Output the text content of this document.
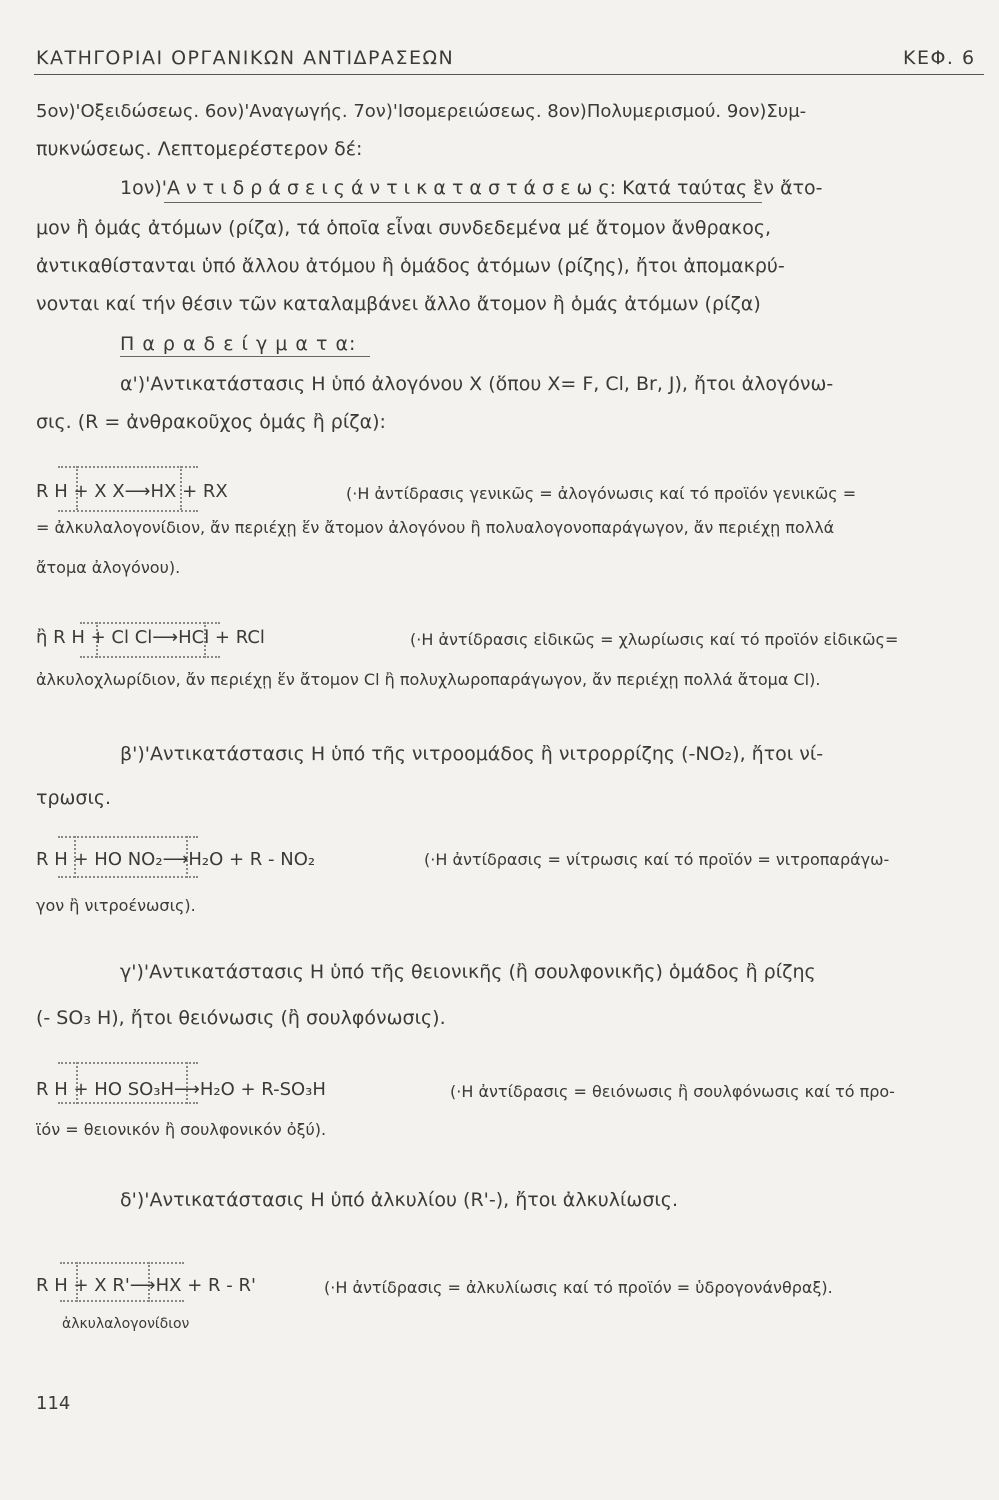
ΚΑΤΗΓΟΡΙΑΙ ΟΡΓΑΝΙΚΩΝ ΑΝΤΙΔΡΑΣΕΩΝ	ΚΕΦ. 6
5ον)'Οξειδώσεως. 6ον)'Αναγωγής. 7ον)'Ισομερειώσεως. 8ον)Πολυμερισμού. 9ον)Συμ-
πυκνώσεως. Λεπτομερέστερον δέ:
1ον)'Α ν τ ι δ ρ ά σ ε ι ς ά ν τ ι κ α τ α σ τ ά σ ε ω ς: Κατά ταύτας ἓν ἄτο-
μον ἢ ὁμάς ἀτόμων (ρίζα), τά ὁποῖα εἶναι συνδεδεμένα μέ ἄτομον ἄνθρακος,
ἀντικαθίστανται ὑπό ἄλλου ἀτόμου ἢ ὁμάδος ἀτόμων (ρίζης), ἤτοι ἀπομακρύ-
νονται καί τήν θέσιν τῶν καταλαμβάνει ἄλλο ἄτομον ἢ ὁμάς ἀτόμων (ρίζα)
Π α ρ α δ ε ί γ μ α τ α:
α')'Αντικατάστασις Η ὑπό ἀλογόνου Χ (ὅπου Χ= F, Cl, Br, J), ἤτοι ἀλογόνω-
σις. (R = ἀνθρακοῦχος ὁμάς ἢ ρίζα):
R H + X X⟶HX + RX	(·Η ἀντίδρασις γενικῶς = ἀλογόνωσις καί τό προϊόν γενικῶς =
= ἀλκυλαλογονίδιον, ἄν περιέχῃ ἕν ἄτομον ἀλογόνου ἢ πολυαλογονοπαράγωγον, ἄν περιέχῃ πολλά
ἄτομα ἀλογόνου).
ἢ R H + Cl Cl⟶HCl + RCl	(·Η ἀντίδρασις εἰδικῶς = χλωρίωσις καί τό προϊόν εἰδικῶς=
ἀλκυλοχλωρίδιον, ἄν περιέχῃ ἕν ἄτομον Cl ἢ πολυχλωροπαράγωγον, ἄν περιέχῃ πολλά ἄτομα Cl).
β')'Αντικατάστασις Η ὑπό τῆς νιτροομάδος ἢ νιτρορρίζης (-NO₂), ἤτοι νί-
τρωσις.
R H + HO NO₂⟶H₂O + R - NO₂	(·Η ἀντίδρασις = νίτρωσις καί τό προϊόν = νιτροπαράγω-
γον ἢ νιτροένωσις).
γ')'Αντικατάστασις Η ὑπό τῆς θειονικῆς (ἢ σουλφονικῆς) ὁμάδος ἢ ρίζης
(- SO₃ H), ἤτοι θειόνωσις (ἢ σουλφόνωσις).
R H + HO SO₃H⟶H₂O + R-SO₃H	(·Η ἀντίδρασις = θειόνωσις ἢ σουλφόνωσις καί τό προ-
ϊόν = θειονικόν ἢ σουλφονικόν ὀξύ).
δ')'Αντικατάστασις Η ὑπό ἀλκυλίου (R'-), ἤτοι ἀλκυλίωσις.
R H + X R'⟶HX + R - R'	(·Η ἀντίδρασις = ἀλκυλίωσις καί τό προϊόν = ὑδρογονάνθραξ).
ἀλκυλαλογονίδιον
114
